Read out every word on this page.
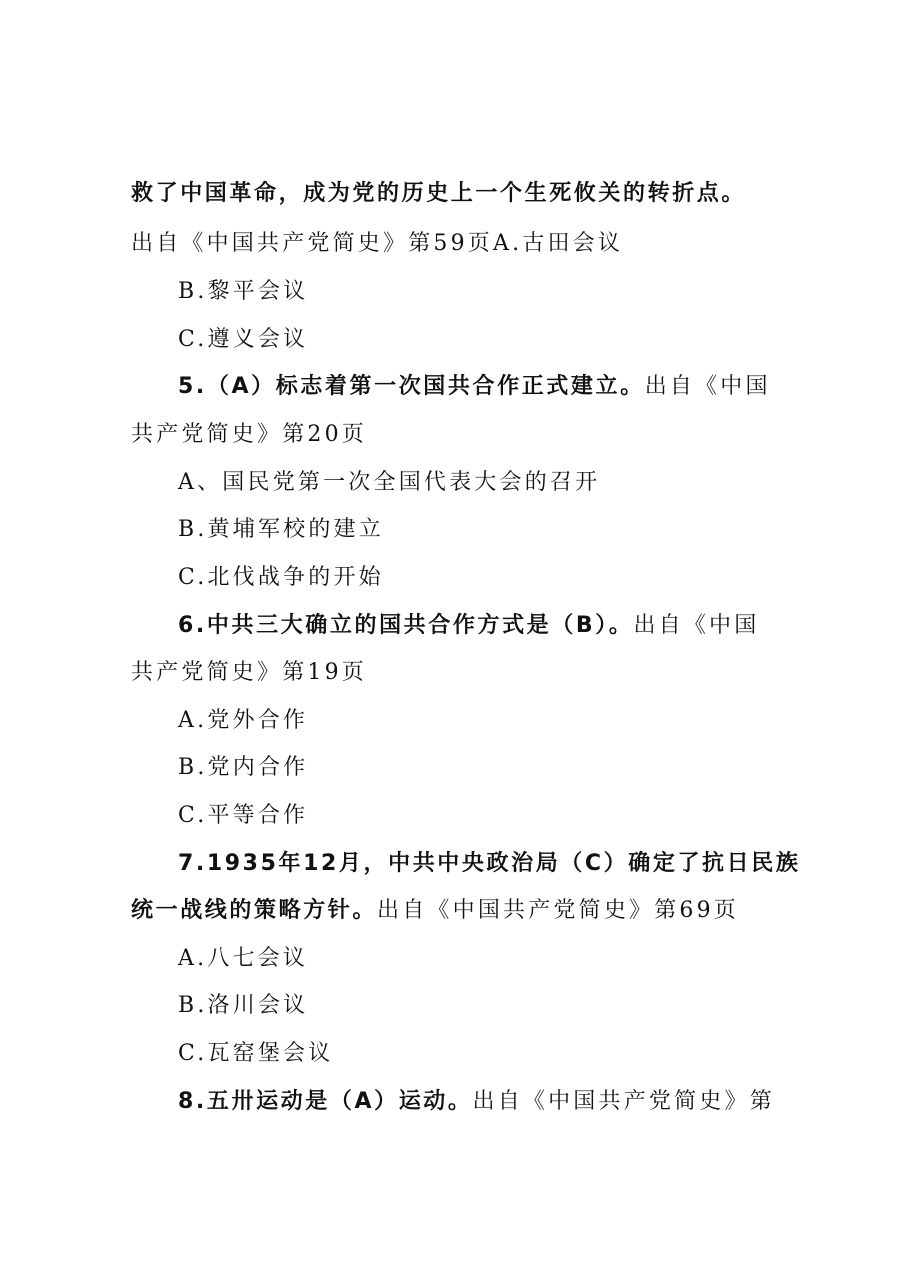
救了中国革命，成为党的历史上一个生死攸关的转折点。
出自《中国共产党简史》第59页A.古田会议
B.黎平会议
C.遵义会议
5.（A）标志着第一次国共合作正式建立。出自《中国
共产党简史》第20页
A、国民党第一次全国代表大会的召开
B.黄埔军校的建立
C.北伐战争的开始
6.中共三大确立的国共合作方式是（B）。出自《中国
共产党简史》第19页
A.党外合作
B.党内合作
C.平等合作
7.1935年12月，中共中央政治局（C）确定了抗日民族
统一战线的策略方针。出自《中国共产党简史》第69页
A.八七会议
B.洛川会议
C.瓦窑堡会议
8.五卅运动是（A）运动。出自《中国共产党简史》第
